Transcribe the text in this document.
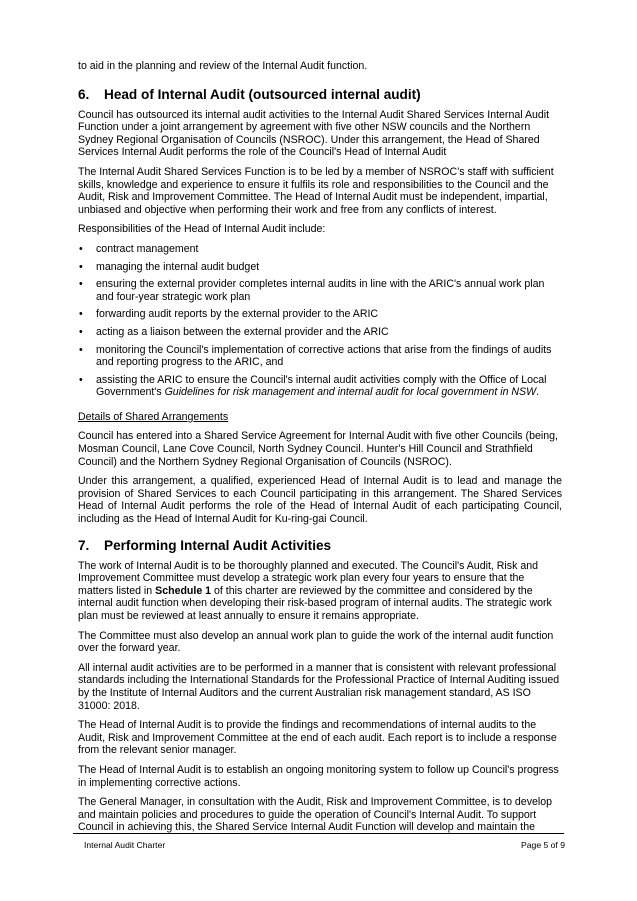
to aid in the planning and review of the Internal Audit function.

6. Head of Internal Audit (outsourced internal audit)

Council has outsourced its internal audit activities to the Internal Audit Shared Services Internal Audit Function under a joint arrangement by agreement with five other NSW councils and the Northern Sydney Regional Organisation of Councils (NSROC). Under this arrangement, the Head of Shared Services Internal Audit performs the role of the Council's Head of Internal Audit

The Internal Audit Shared Services Function is to be led by a member of NSROC's staff with sufficient skills, knowledge and experience to ensure it fulfils its role and responsibilities to the Council and the Audit, Risk and Improvement Committee. The Head of Internal Audit must be independent, impartial, unbiased and objective when performing their work and free from any conflicts of interest.

Responsibilities of the Head of Internal Audit include:

• contract management
• managing the internal audit budget
• ensuring the external provider completes internal audits in line with the ARIC's annual work plan and four-year strategic work plan
• forwarding audit reports by the external provider to the ARIC
• acting as a liaison between the external provider and the ARIC
• monitoring the Council's implementation of corrective actions that arise from the findings of audits and reporting progress to the ARIC, and
• assisting the ARIC to ensure the Council's internal audit activities comply with the Office of Local Government's Guidelines for risk management and internal audit for local government in NSW.

Details of Shared Arrangements

Council has entered into a Shared Service Agreement for Internal Audit with five other Councils (being, Mosman Council, Lane Cove Council, North Sydney Council. Hunter's Hill Council and Strathfield Council) and the Northern Sydney Regional Organisation of Councils (NSROC).

Under this arrangement, a qualified, experienced Head of Internal Audit is to lead and manage the provision of Shared Services to each Council participating in this arrangement. The Shared Services Head of Internal Audit performs the role of the Head of Internal Audit of each participating Council, including as the Head of Internal Audit for Ku-ring-gai Council.

7. Performing Internal Audit Activities

The work of Internal Audit is to be thoroughly planned and executed. The Council's Audit, Risk and Improvement Committee must develop a strategic work plan every four years to ensure that the matters listed in Schedule 1 of this charter are reviewed by the committee and considered by the internal audit function when developing their risk-based program of internal audits. The strategic work plan must be reviewed at least annually to ensure it remains appropriate.

The Committee must also develop an annual work plan to guide the work of the internal audit function over the forward year.

All internal audit activities are to be performed in a manner that is consistent with relevant professional standards including the International Standards for the Professional Practice of Internal Auditing issued by the Institute of Internal Auditors and the current Australian risk management standard, AS ISO 31000: 2018.

The Head of Internal Audit is to provide the findings and recommendations of internal audits to the Audit, Risk and Improvement Committee at the end of each audit. Each report is to include a response from the relevant senior manager.

The Head of Internal Audit is to establish an ongoing monitoring system to follow up Council's progress in implementing corrective actions.

The General Manager, in consultation with the Audit, Risk and Improvement Committee, is to develop and maintain policies and procedures to guide the operation of Council's Internal Audit. To support Council in achieving this, the Shared Service Internal Audit Function will develop and maintain the

Internal Audit Charter	Page 5 of 9
